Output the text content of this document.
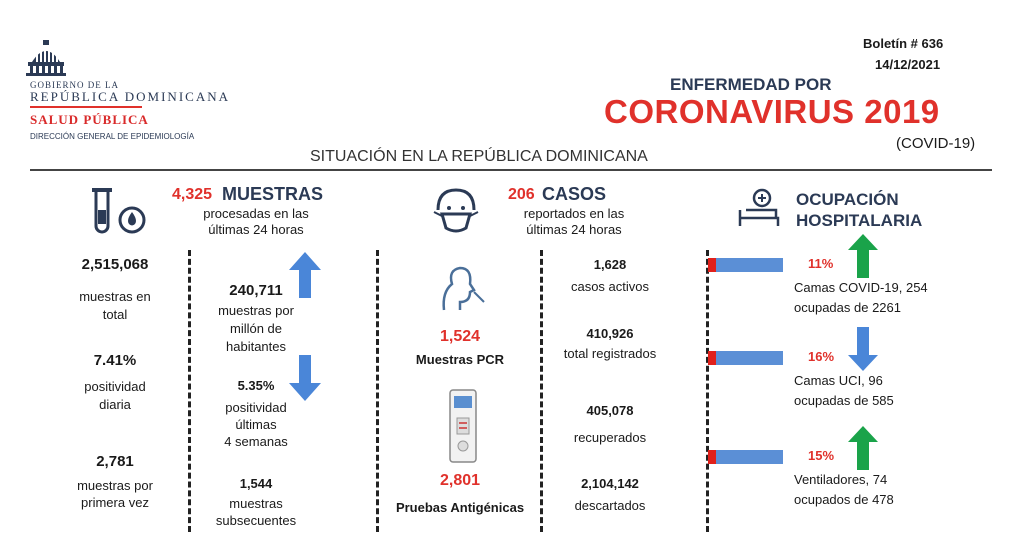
GOBIERNO DE LA
REPÚBLICA DOMINICANA
SALUD PÚBLICA
DIRECCIÓN GENERAL DE EPIDEMIOLOGÍA
Boletín # 636
14/12/2021
ENFERMEDAD POR
CORONAVIRUS 2019
(COVID-19)
SITUACIÓN EN LA REPÚBLICA DOMINICANA
4,325 MUESTRAS
procesadas en las
últimas 24 horas
2,515,068
muestras en
total
7.41%
positividad
diaria
2,781
muestras por
primera vez
240,711
muestras por
millón de
habitantes
5.35%
positividad
últimas
4 semanas
1,544
muestras
subsecuentes
206 CASOS
reportados en las
últimas 24 horas
1,524
Muestras PCR
2,801
Pruebas Antigénicas
1,628
casos activos
410,926
total registrados
405,078
recuperados
2,104,142
descartados
OCUPACIÓN
HOSPITALARIA
11%
Camas COVID-19, 254
ocupadas de 2261
16%
Camas UCI, 96
ocupadas de 585
15%
Ventiladores, 74
ocupados de 478
